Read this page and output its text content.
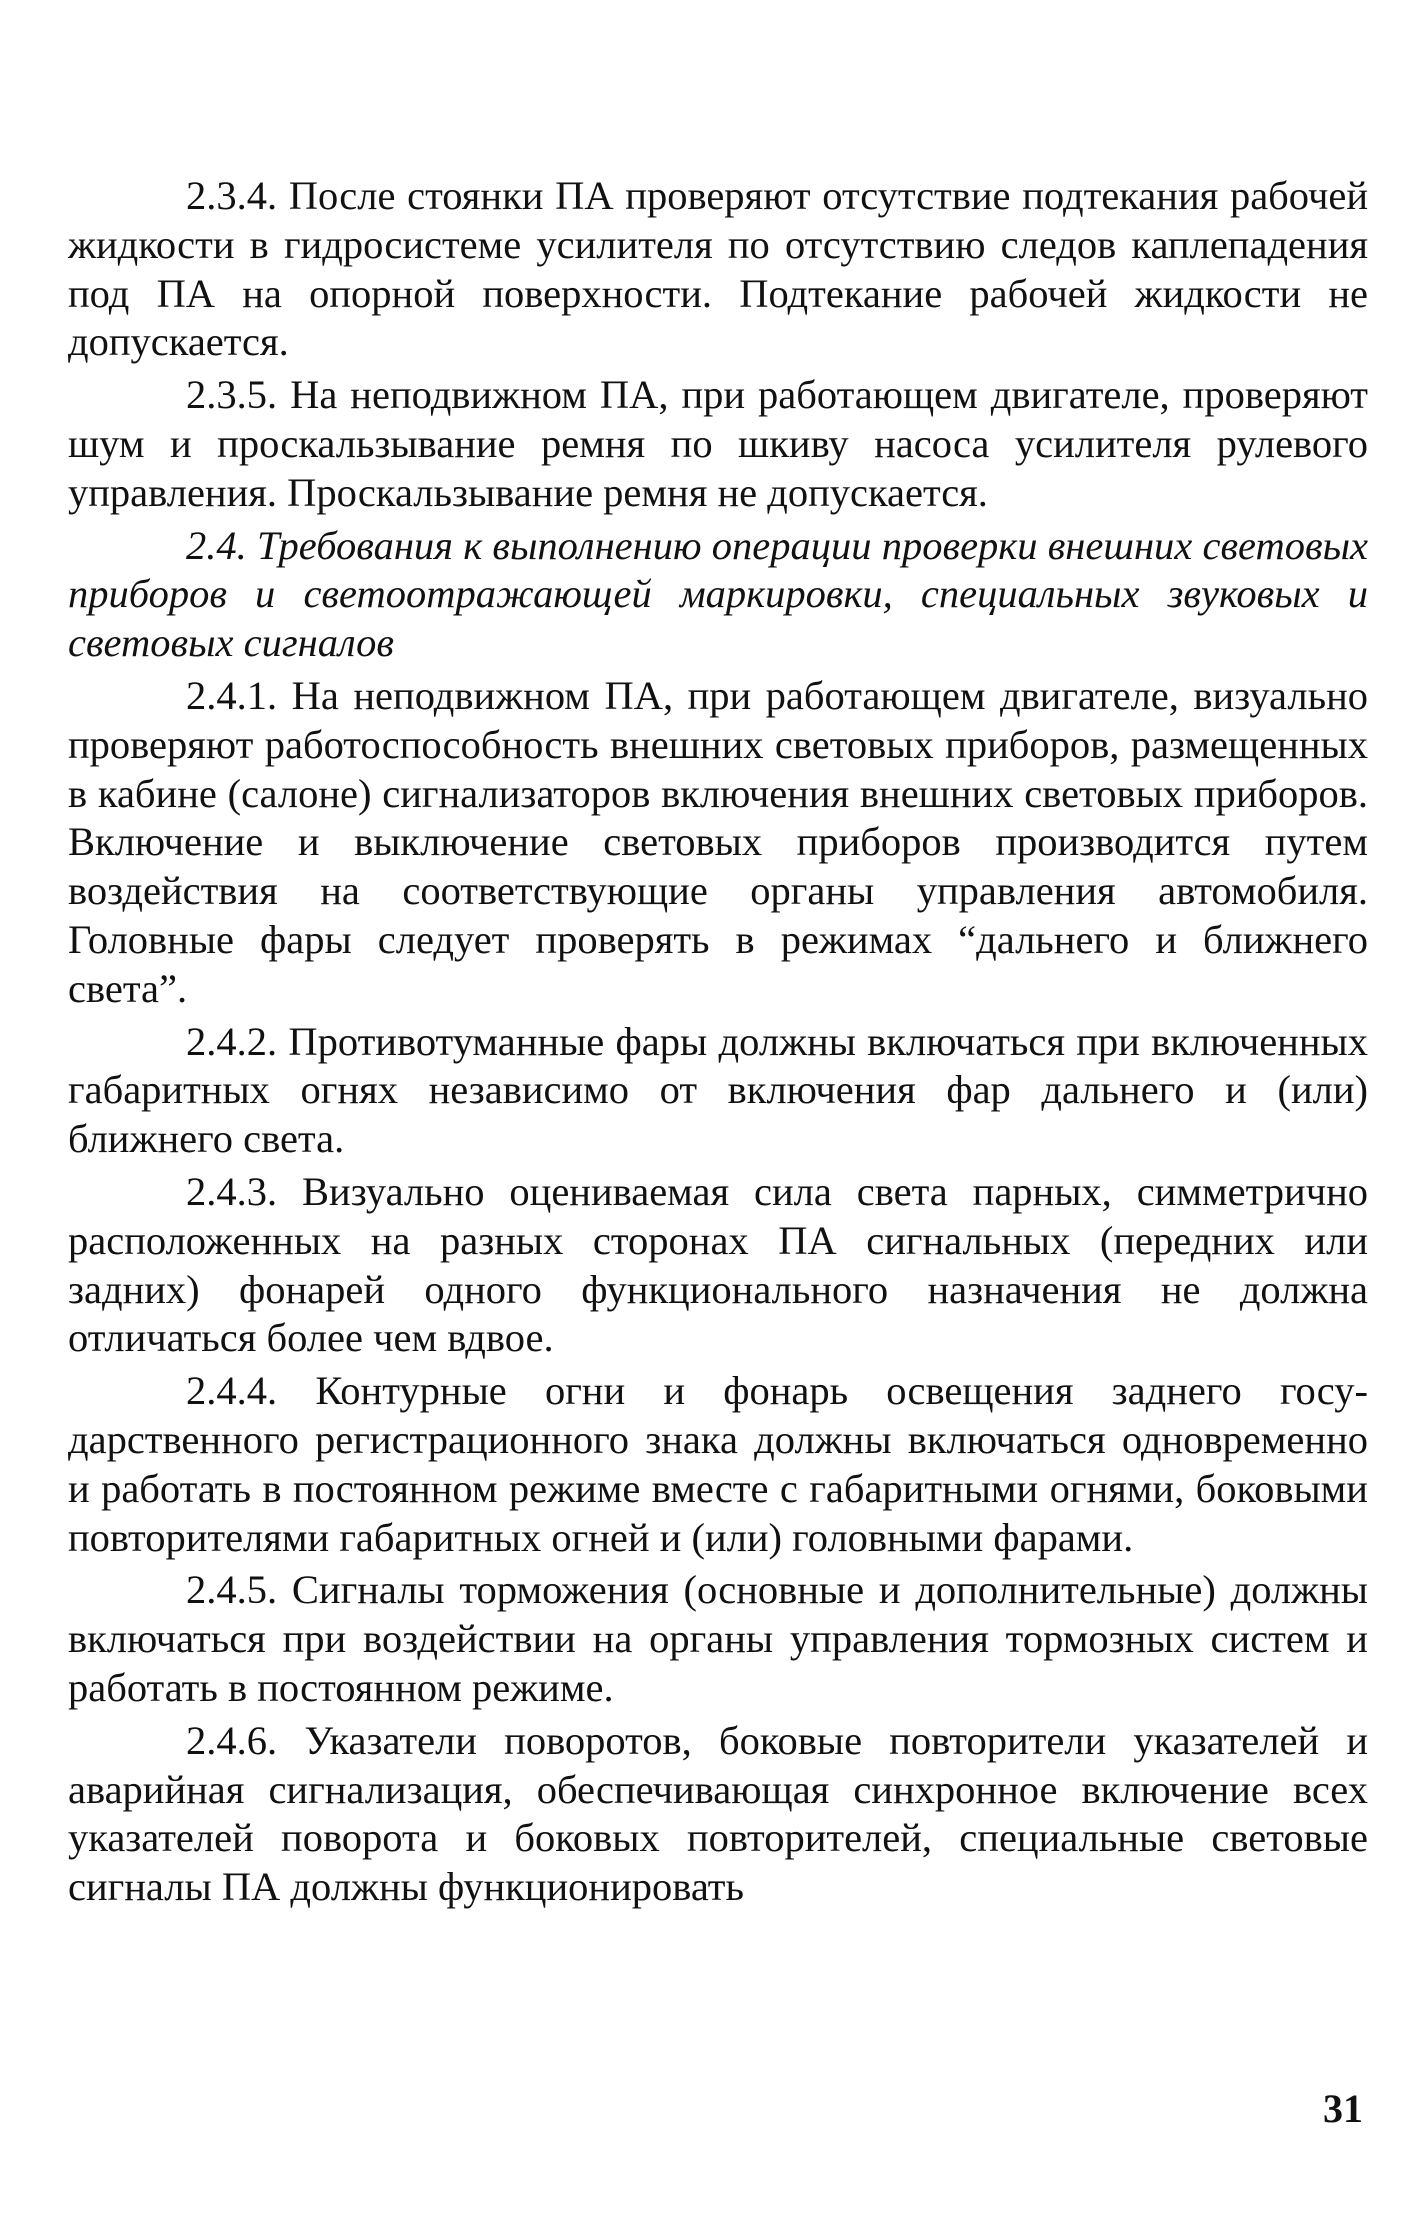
2.3.4. После стоянки ПА проверяют отсутствие подтекания рабочей жидкости в гидросистеме усилителя по отсутствию следов каплепадения под ПА на опорной поверхности. Подтекание рабочей жидкости не допускается.

2.3.5. На неподвижном ПА, при работающем двигателе, проверяют шум и проскальзывание ремня по шкиву насоса усилителя рулевого управления. Проскальзывание ремня не допускается.

2.4. Требования к выполнению операции проверки внешних световых приборов и светоотражающей маркировки, специальных звуковых и световых сигналов

2.4.1. На неподвижном ПА, при работающем двигателе, визуально проверяют работоспособность внешних световых приборов, размещенных в кабине (салоне) сигнализаторов включения внешних световых приборов. Включение и выключение световых приборов производится путем воздействия на соответствующие органы управления автомобиля. Головные фары следует проверять в режимах “дальнего и ближнего света”.

2.4.2. Противотуманные фары должны включаться при включенных габаритных огнях независимо от включения фар дальнего и (или) ближнего света.

2.4.3. Визуально оцениваемая сила света парных, симметрично расположенных на разных сторонах ПА сигнальных (передних или задних) фонарей одного функционального назначения не должна отличаться более чем вдвое.

2.4.4. Контурные огни и фонарь освещения заднего государственного регистрационного знака должны включаться одновременно и работать в постоянном режиме вместе с габаритными огнями, боковыми повторителями габаритных огней и (или) головными фарами.

2.4.5. Сигналы торможения (основные и дополнительные) должны включаться при воздействии на органы управления тормозных систем и работать в постоянном режиме.

2.4.6. Указатели поворотов, боковые повторители указателей и аварийная сигнализация, обеспечивающая синхронное включение всех указателей поворота и боковых повторителей, специальные световые сигналы ПА должны функционировать

31
